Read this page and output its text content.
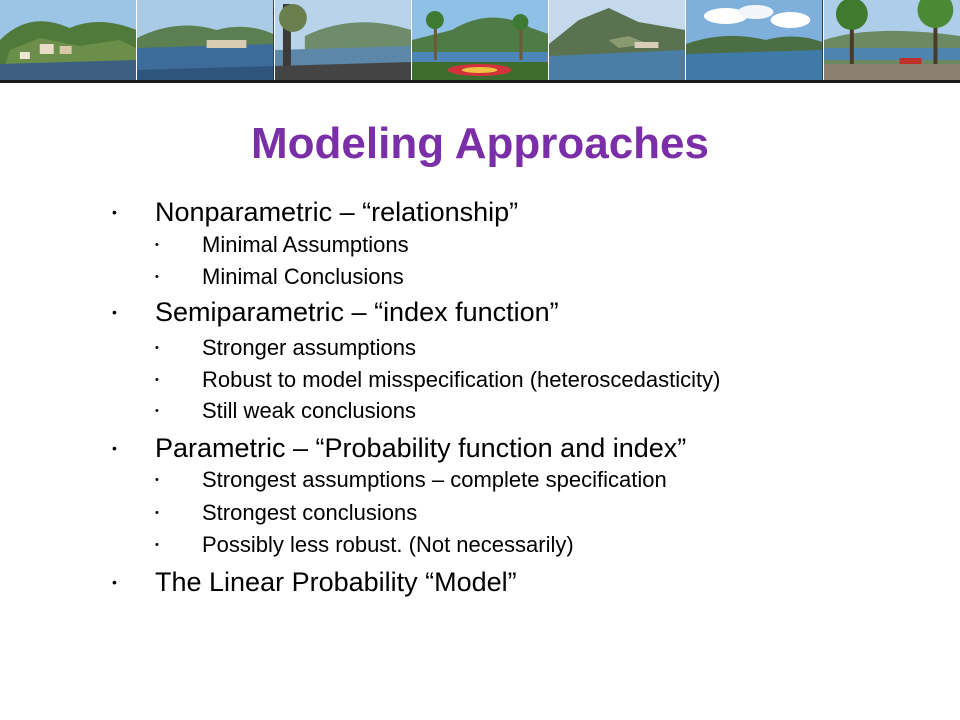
Modeling Approaches
• Nonparametric – “relationship”
• Minimal Assumptions
• Minimal Conclusions
• Semiparametric – “index function”
• Stronger assumptions
• Robust to model misspecification (heteroscedasticity)
• Still weak conclusions
• Parametric – “Probability function and index”
• Strongest assumptions – complete specification
• Strongest conclusions
• Possibly less robust. (Not necessarily)
• The Linear Probability “Model”
